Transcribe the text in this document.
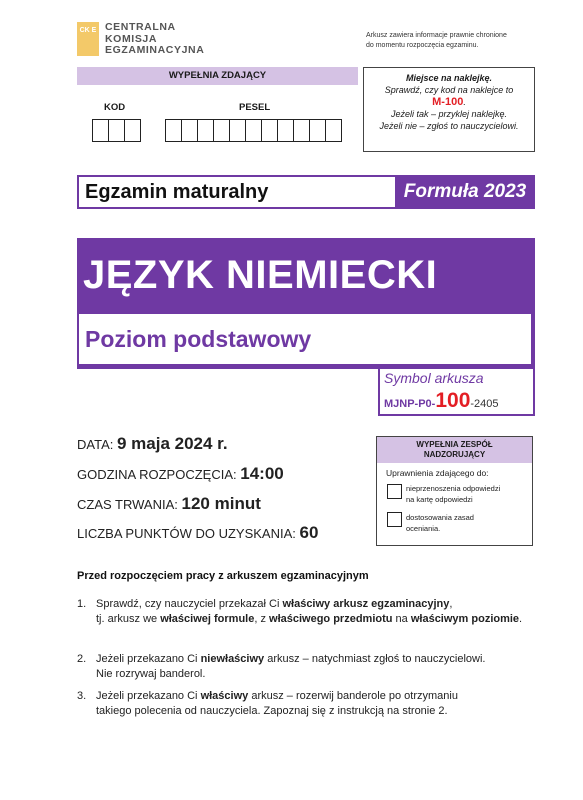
CK E CENTRALNA
KOMISJA
EGZAMINACYJNA
Arkusz zawiera informacje prawnie chronione
do momentu rozpoczęcia egzaminu.
WYPEŁNIA ZDAJĄCY
KOD	PESEL
Miejsce na naklejkę.
Sprawdź, czy kod na naklejce to
M-100.
Jeżeli tak – przyklej naklejkę.
Jeżeli nie – zgłoś to nauczycielowi.
Egzamin maturalny	Formuła 2023
JĘZYK NIEMIECKI
Poziom podstawowy
Symbol arkusza
MJNP-P0-100-2405
DATA: 9 maja 2024 r.
GODZINA ROZPOCZĘCIA: 14:00
CZAS TRWANIA: 120 minut
LICZBA PUNKTÓW DO UZYSKANIA: 60
WYPEŁNIA ZESPÓŁ
NADZORUJĄCY
Uprawnienia zdającego do:
nieprzenoszenia odpowiedzi
na kartę odpowiedzi
dostosowania zasad
oceniania.
Przed rozpoczęciem pracy z arkuszem egzaminacyjnym
1. Sprawdź, czy nauczyciel przekazał Ci właściwy arkusz egzaminacyjny,
tj. arkusz we właściwej formule, z właściwego przedmiotu na właściwym poziomie.
2. Jeżeli przekazano Ci niewłaściwy arkusz – natychmiast zgłoś to nauczycielowi.
Nie rozrywaj banderol.
3. Jeżeli przekazano Ci właściwy arkusz – rozerwij banderole po otrzymaniu
takiego polecenia od nauczyciela. Zapoznaj się z instrukcją na stronie 2.
